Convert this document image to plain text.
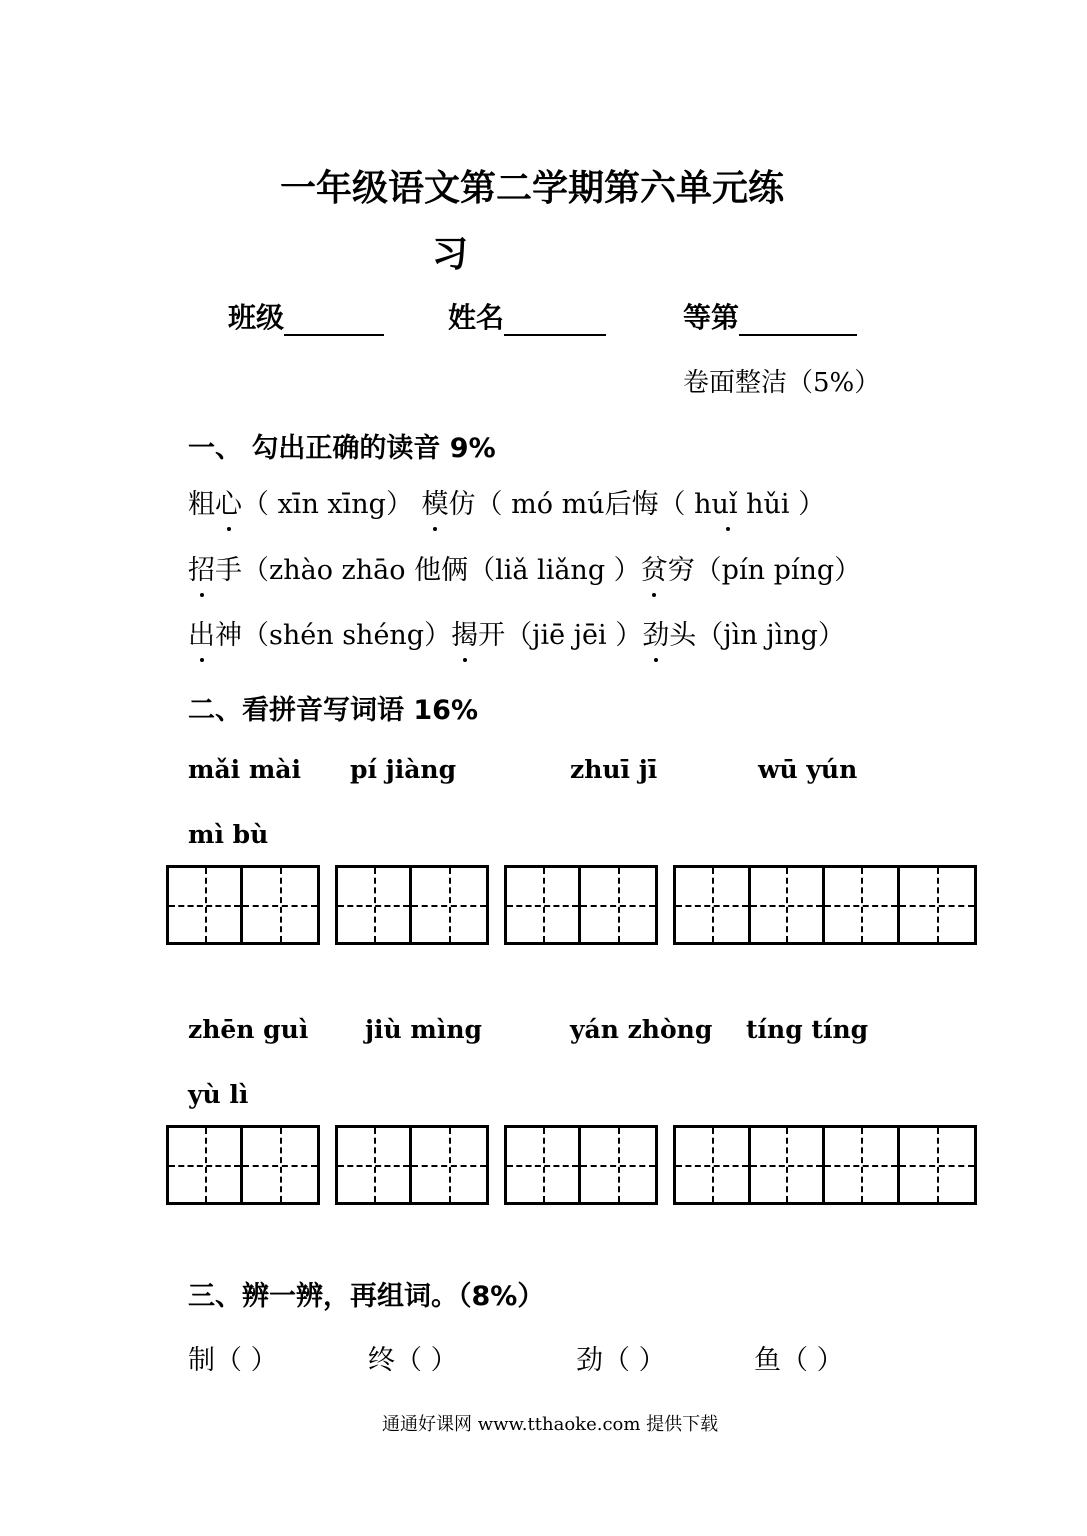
一年级语文第二学期第六单元练
习
班级	姓名	等第
卷面整洁（5%）
一、 勾出正确的读音 9%
粗心（ xīn xīng） 模仿（ mó mú后悔（ huǐ hǔi ）
招手（zhào zhāo 他俩（liǎ liǎng ）贫穷（pín píng）
出神（shén shéng）揭开（jiē jēi ）劲头（jìn jìng）
二、看拼音写词语 16%
mǎi mài pí jiàng	zhuī jī	wū yún
mì bù
zhēn guì jiù mìng	yán zhòng tíng tíng
yù lì
三、辨一辨，再组词。（8%）
制（ ）	终（ ）	劲（ ）	鱼（ ）
通通好课网 www.tthaoke.com 提供下载
